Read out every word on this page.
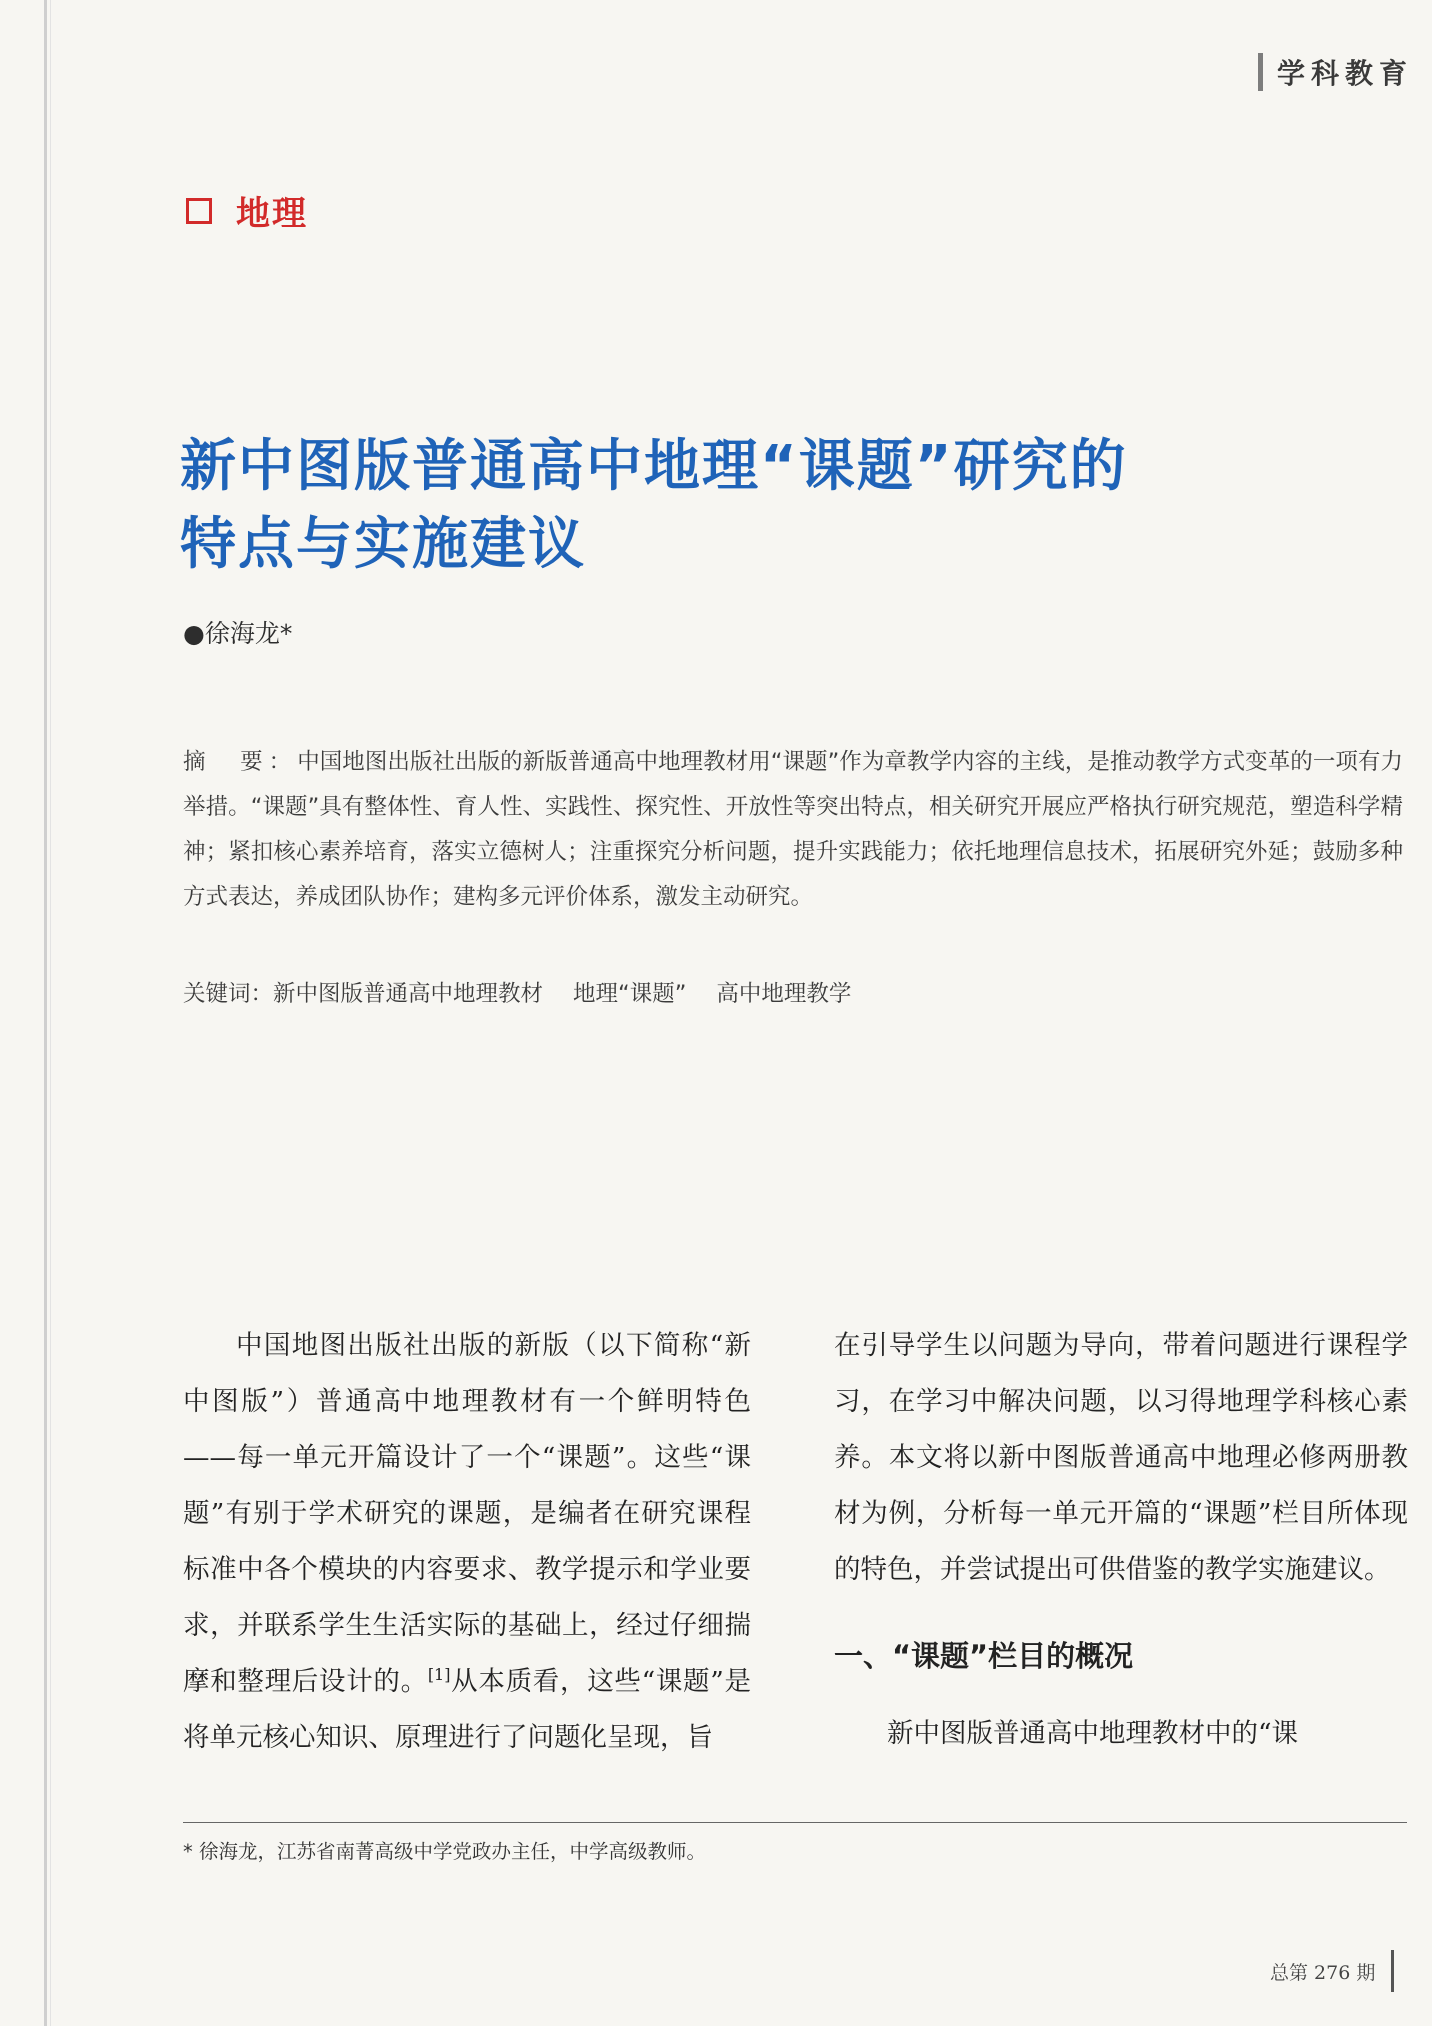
学科教育
地理
新中图版普通高中地理“课题”研究的
特点与实施建议
●徐海龙*
摘　要：中国地图出版社出版的新版普通高中地理教材用“课题”作为章教学内容的主线，是推动教学方式变革的一项有力举措。“课题”具有整体性、育人性、实践性、探究性、开放性等突出特点，相关研究开展应严格执行研究规范，塑造科学精神；紧扣核心素养培育，落实立德树人；注重探究分析问题，提升实践能力；依托地理信息技术，拓展研究外延；鼓励多种方式表达，养成团队协作；建构多元评价体系，激发主动研究。
关键词：新中图版普通高中地理教材 地理“课题” 高中地理教学

中国地图出版社出版的新版（以下简称“新中图版”）普通高中地理教材有一个鲜明特色——每一单元开篇设计了一个“课题”。这些“课题”有别于学术研究的课题，是编者在研究课程标准中各个模块的内容要求、教学提示和学业要求，并联系学生生活实际的基础上，经过仔细揣摩和整理后设计的。[1]从本质看，这些“课题”是将单元核心知识、原理进行了问题化呈现，旨

在引导学生以问题为导向，带着问题进行课程学习，在学习中解决问题，以习得地理学科核心素养。本文将以新中图版普通高中地理必修两册教材为例，分析每一单元开篇的“课题”栏目所体现的特色，并尝试提出可供借鉴的教学实施建议。

一、“课题”栏目的概况

新中图版普通高中地理教材中的“课

* 徐海龙，江苏省南菁高级中学党政办主任，中学高级教师。
总第 276 期
